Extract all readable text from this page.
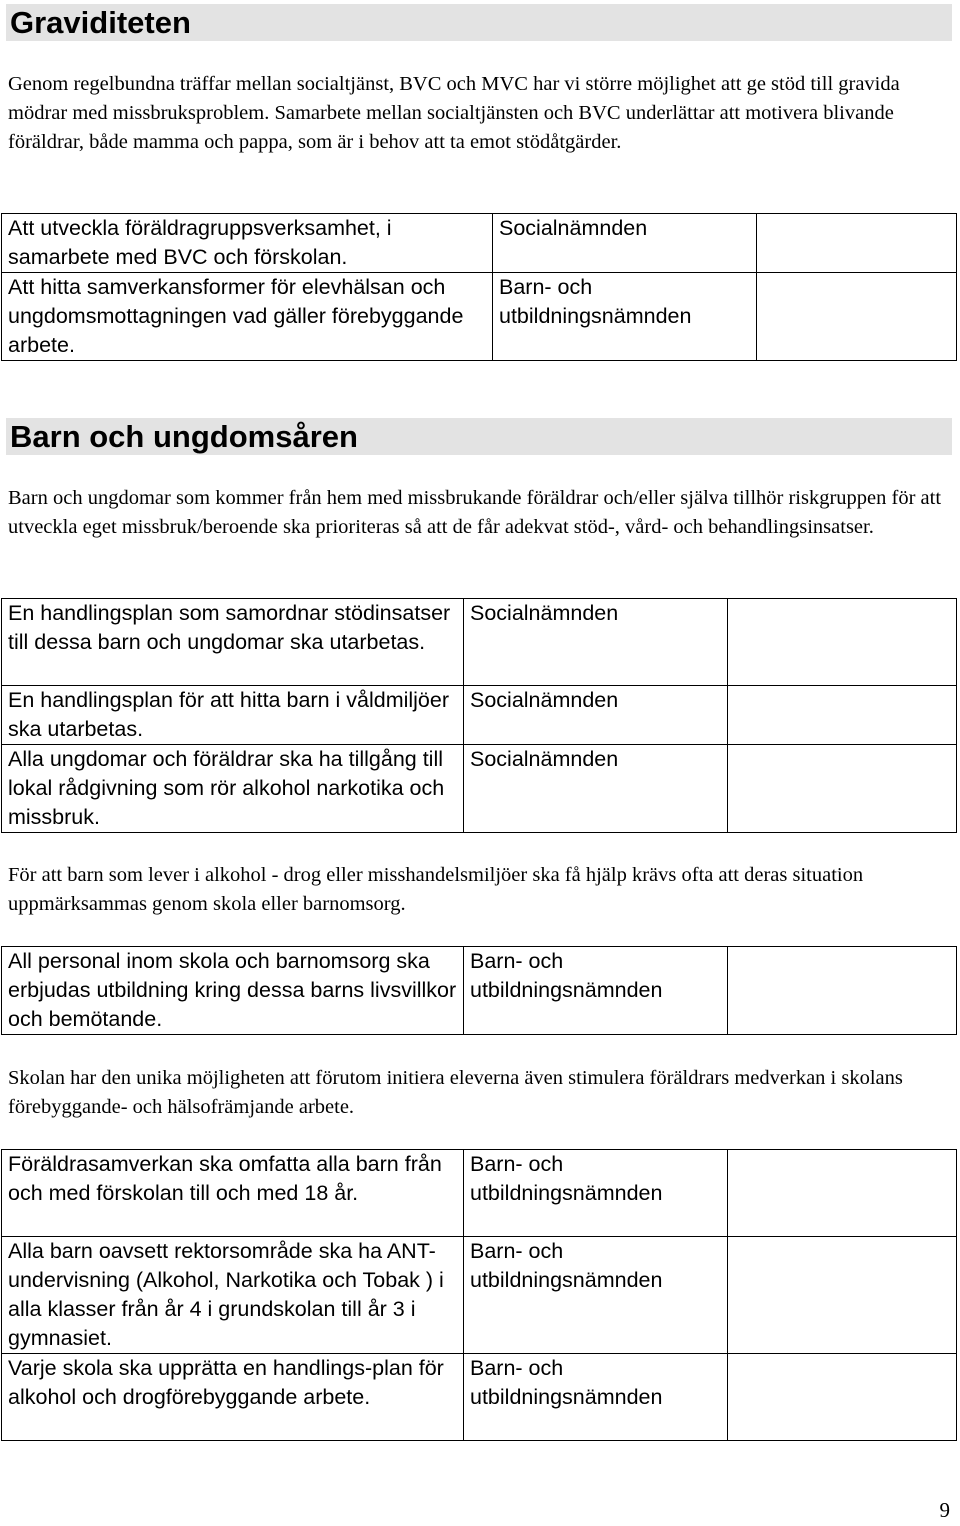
Graviditeten
Genom regelbundna träffar mellan socialtjänst, BVC och MVC har vi större möjlighet att ge stöd till gravida mödrar med missbruksproblem. Samarbete mellan socialtjänsten och BVC underlättar att motivera blivande föräldrar, både mamma och pappa, som är i behov att ta emot stödåtgärder.
Att utveckla föräldragruppsverksamhet, i samarbete med BVC och förskolan.	Socialnämnden	
Att hitta samverkansformer för elevhälsan och ungdomsmottagningen vad gäller förebyggande arbete.	Barn- och utbildningsnämnden	
Barn och ungdomsåren
Barn och ungdomar som kommer från hem med missbrukande föräldrar och/eller själva tillhör riskgruppen för att utveckla eget missbruk/beroende ska prioriteras så att de får adekvat stöd-, vård- och behandlingsinsatser.
En handlingsplan som samordnar stödinsatser till dessa barn och ungdomar ska utarbetas.	Socialnämnden	
En handlingsplan för att hitta barn i våldmiljöer ska utarbetas.	Socialnämnden	
Alla ungdomar och föräldrar ska ha tillgång till lokal rådgivning som rör alkohol narkotika och missbruk.	Socialnämnden	
För att barn som lever i alkohol - drog eller misshandelsmiljöer ska få hjälp krävs ofta att deras situation uppmärksammas genom skola eller barnomsorg.
All personal inom skola och barnomsorg ska erbjudas utbildning kring dessa barns livsvillkor och bemötande.	Barn- och utbildningsnämnden	
Skolan har den unika möjligheten att förutom initiera eleverna även stimulera föräldrars medverkan i skolans förebyggande- och hälsofrämjande arbete.
Föräldrasamverkan ska omfatta alla barn från och med förskolan till och med 18 år.	Barn- och utbildningsnämnden	
Alla barn oavsett rektorsområde ska ha ANT-undervisning (Alkohol, Narkotika och Tobak ) i alla klasser från år 4 i grundskolan till år 3 i gymnasiet.	Barn- och utbildningsnämnden	
Varje skola ska upprätta en handlings-plan för alkohol och drogförebyggande arbete.	Barn- och utbildningsnämnden	
9
